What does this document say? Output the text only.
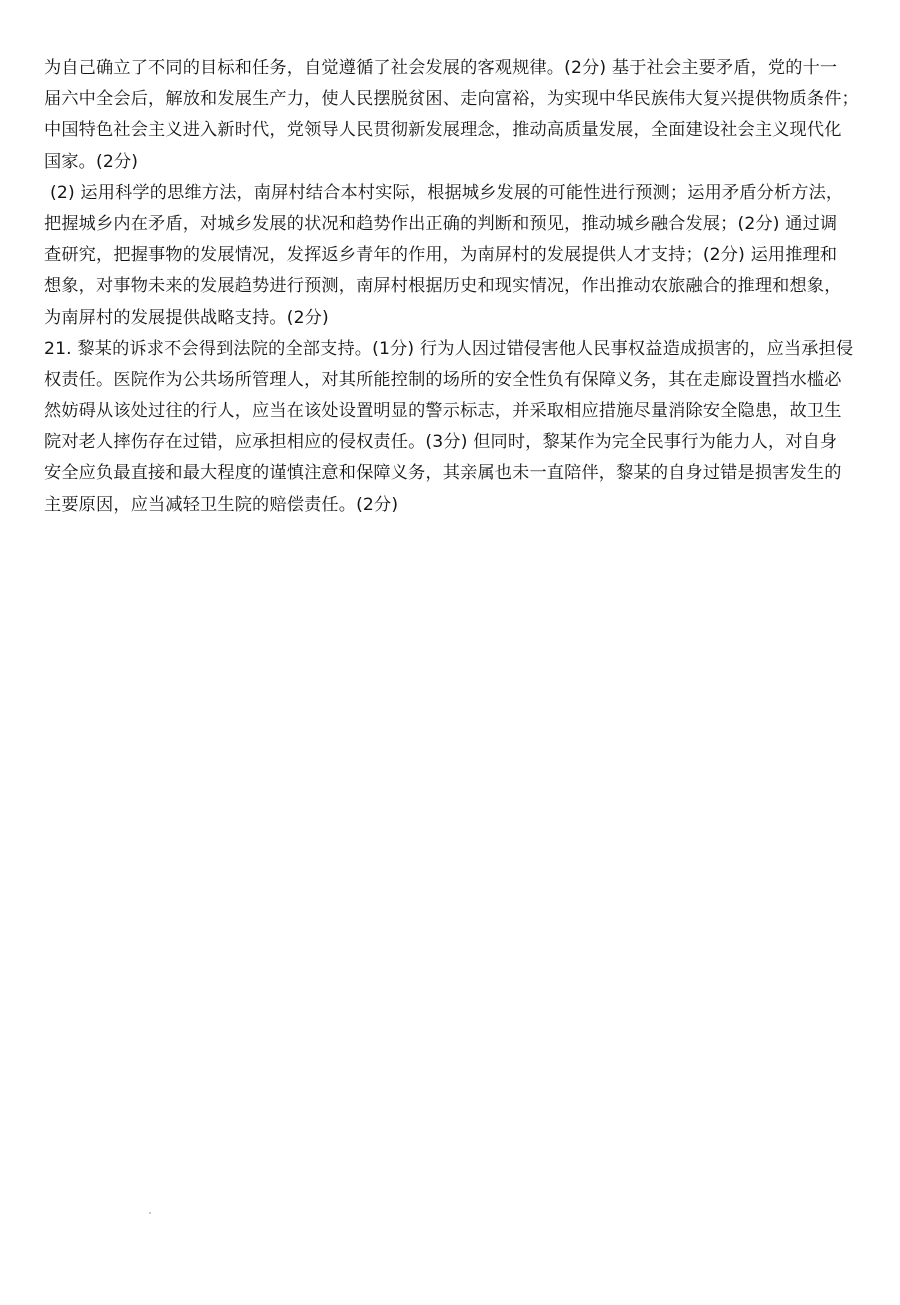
为自己确立了不同的目标和任务，自觉遵循了社会发展的客观规律。(2分) 基于社会主要矛盾，党的十一
届六中全会后，解放和发展生产力，使人民摆脱贫困、走向富裕，为实现中华民族伟大复兴提供物质条件；
中国特色社会主义进入新时代，党领导人民贯彻新发展理念，推动高质量发展，全面建设社会主义现代化
国家。(2分)
(2) 运用科学的思维方法，南屏村结合本村实际，根据城乡发展的可能性进行预测；运用矛盾分析方法，
把握城乡内在矛盾，对城乡发展的状况和趋势作出正确的判断和预见，推动城乡融合发展；(2分) 通过调
查研究，把握事物的发展情况，发挥返乡青年的作用，为南屏村的发展提供人才支持；(2分) 运用推理和
想象，对事物未来的发展趋势进行预测，南屏村根据历史和现实情况，作出推动农旅融合的推理和想象，
为南屏村的发展提供战略支持。(2分)
21. 黎某的诉求不会得到法院的全部支持。(1分) 行为人因过错侵害他人民事权益造成损害的，应当承担侵
权责任。医院作为公共场所管理人，对其所能控制的场所的安全性负有保障义务，其在走廊设置挡水槛必
然妨碍从该处过往的行人，应当在该处设置明显的警示标志，并采取相应措施尽量消除安全隐患，故卫生
院对老人摔伤存在过错，应承担相应的侵权责任。(3分) 但同时，黎某作为完全民事行为能力人，对自身
安全应负最直接和最大程度的谨慎注意和保障义务，其亲属也未一直陪伴，黎某的自身过错是损害发生的
主要原因，应当减轻卫生院的赔偿责任。(2分)
